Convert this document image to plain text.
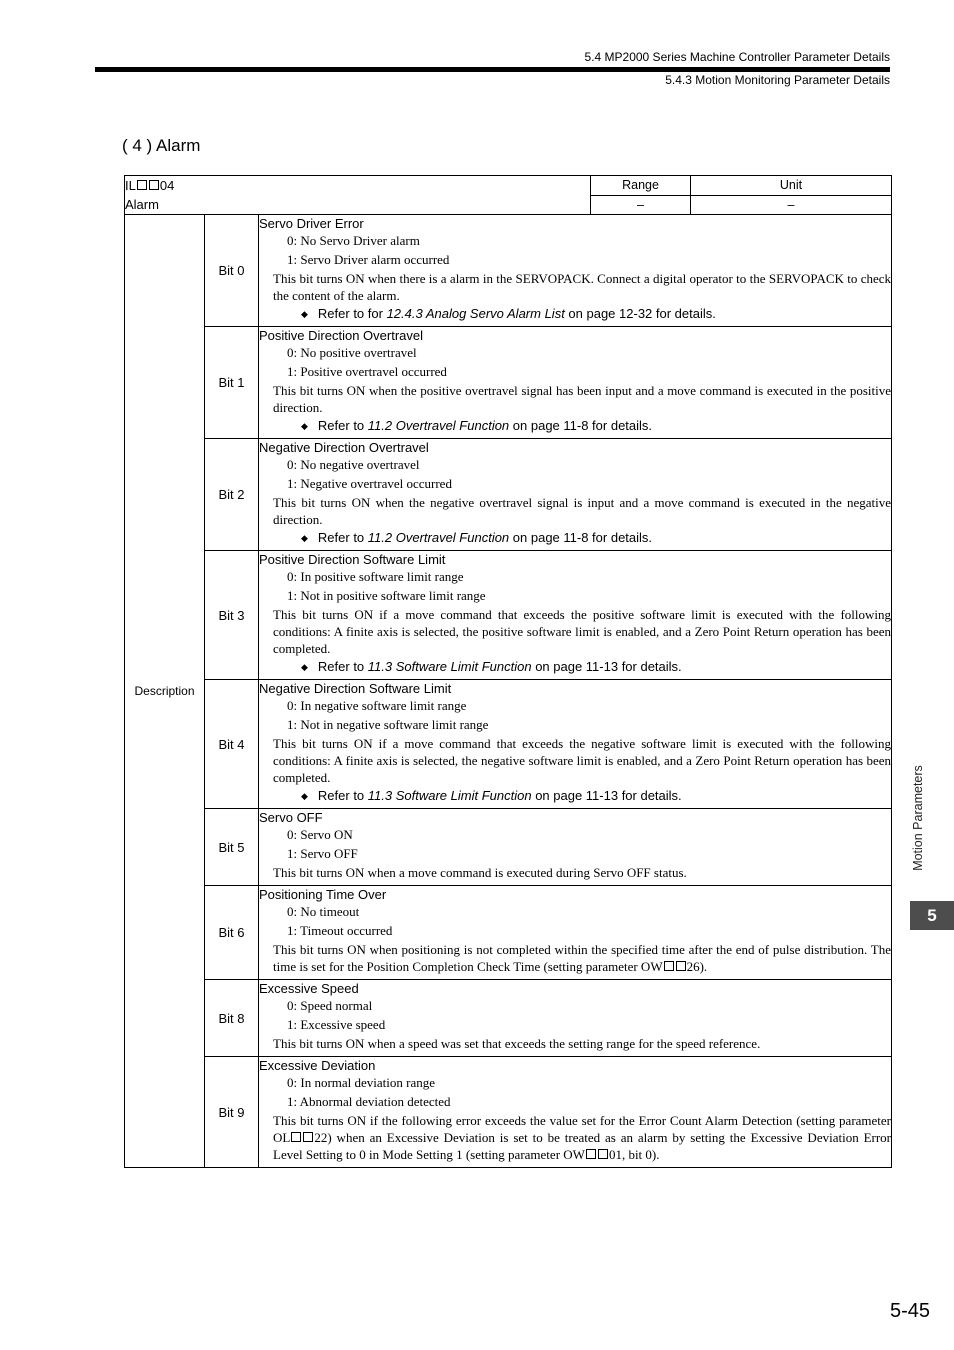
5.4 MP2000 Series Machine Controller Parameter Details
5.4.3 Motion Monitoring Parameter Details
( 4 ) Alarm
IL 04
Alarm			Range	Unit
			–	–
Description	Bit 0	Servo Driver Error
0: No Servo Driver alarm
1: Servo Driver alarm occurred
This bit turns ON when there is a alarm in the SERVOPACK. Connect a digital operator to the SERVOPACK to check the content of the alarm.
◆ Refer to for 12.4.3 Analog Servo Alarm List on page 12-32 for details.		

	Bit 1	Positive Direction Overtravel
0: No positive overtravel
1: Positive overtravel occurred
This bit turns ON when the positive overtravel signal has been input and a move command is executed in the positive direction.
◆ Refer to 11.2 Overtravel Function on page 11-8 for details.		

	Bit 2	Negative Direction Overtravel
0: No negative overtravel
1: Negative overtravel occurred
This bit turns ON when the negative overtravel signal is input and a move command is executed in the negative direction.
◆ Refer to 11.2 Overtravel Function on page 11-8 for details.		

	Bit 3	Positive Direction Software Limit
0: In positive software limit range
1: Not in positive software limit range
This bit turns ON if a move command that exceeds the positive software limit is executed with the following conditions: A finite axis is selected, the positive software limit is enabled, and a Zero Point Return operation has been completed.
◆ Refer to 11.3 Software Limit Function on page 11-13 for details.		

	Bit 4	Negative Direction Software Limit
0: In negative software limit range
1: Not in negative software limit range
This bit turns ON if a move command that exceeds the negative software limit is executed with the following conditions: A finite axis is selected, the negative software limit is enabled, and a Zero Point Return operation has been completed.
◆ Refer to 11.3 Software Limit Function on page 11-13 for details.		

	Bit 5	Servo OFF
0: Servo ON
1: Servo OFF
This bit turns ON when a move command is executed during Servo OFF status.		

	Bit 6	Positioning Time Over
0: No timeout
1: Timeout occurred
This bit turns ON when positioning is not completed within the specified time after the end of pulse distribution. The time is set for the Position Completion Check Time (setting parameter OW 26).		

	Bit 8	Excessive Speed
0: Speed normal
1: Excessive speed
This bit turns ON when a speed was set that exceeds the setting range for the speed reference.		

	Bit 9	Excessive Deviation
0: In normal deviation range
1: Abnormal deviation detected
This bit turns ON if the following error exceeds the value set for the Error Count Alarm Detection (setting parameter OL 22) when an Excessive Deviation is set to be treated as an alarm by setting the Excessive Deviation Error Level Setting to 0 in Mode Setting 1 (setting parameter OW 01, bit 0).		
Motion Parameters
5
5-45
